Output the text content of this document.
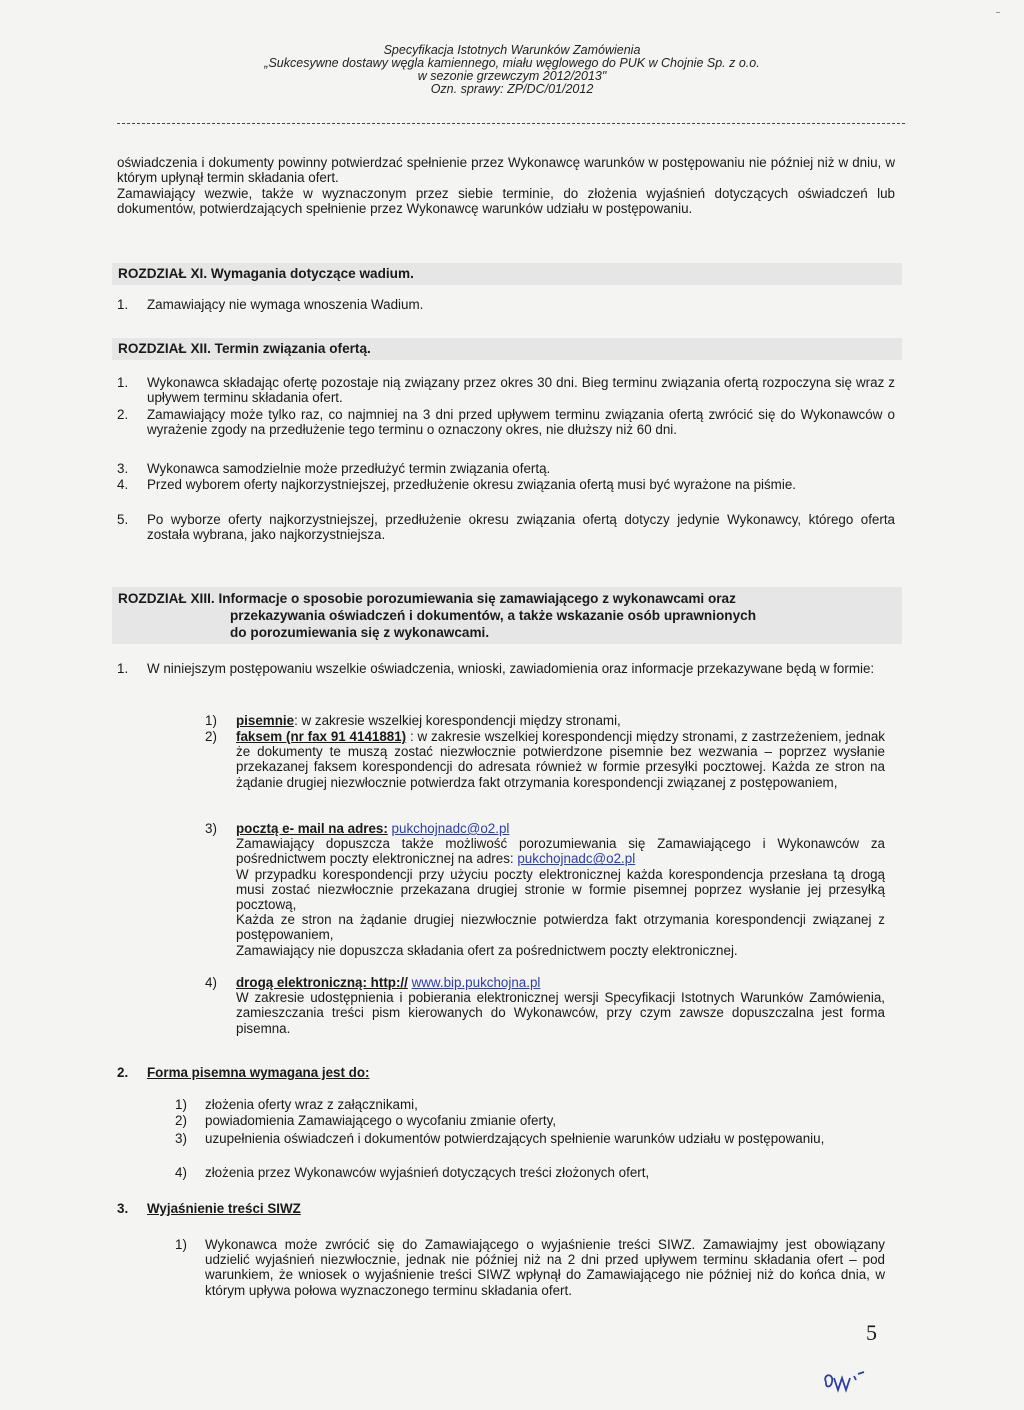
Specyfikacja Istotnych Warunków Zamówienia
„Sukcesywne dostawy węgla kamiennego, miału węglowego do PUK w Chojnie Sp. z o.o.
w sezonie grzewczym 2012/2013"
Ozn. sprawy: ZP/DC/01/2012
oświadczenia i dokumenty powinny potwierdzać spełnienie przez Wykonawcę warunków w postępowaniu nie później niż w dniu, w którym upłynął termin składania ofert.
Zamawiający wezwie, także w wyznaczonym przez siebie terminie, do złożenia wyjaśnień dotyczących oświadczeń lub dokumentów, potwierdzających spełnienie przez Wykonawcę warunków udziału w postępowaniu.
ROZDZIAŁ XI. Wymagania dotyczące wadium.
1. Zamawiający nie wymaga wnoszenia Wadium.
ROZDZIAŁ XII. Termin związania ofertą.
1. Wykonawca składając ofertę pozostaje nią związany przez okres 30 dni. Bieg terminu związania ofertą rozpoczyna się wraz z upływem terminu składania ofert.
2. Zamawiający może tylko raz, co najmniej na 3 dni przed upływem terminu związania ofertą zwrócić się do Wykonawców o wyrażenie zgody na przedłużenie tego terminu o oznaczony okres, nie dłuższy niż 60 dni.
3. Wykonawca samodzielnie może przedłużyć termin związania ofertą.
4. Przed wyborem oferty najkorzystniejszej, przedłużenie okresu związania ofertą musi być wyrażone na piśmie.
5. Po wyborze oferty najkorzystniejszej, przedłużenie okresu związania ofertą dotyczy jedynie Wykonawcy, którego oferta została wybrana, jako najkorzystniejsza.
ROZDZIAŁ XIII. Informacje o sposobie porozumiewania się zamawiającego z wykonawcami oraz
przekazywania oświadczeń i dokumentów, a także wskazanie osób uprawnionych
do porozumiewania się z wykonawcami.
1. W niniejszym postępowaniu wszelkie oświadczenia, wnioski, zawiadomienia oraz informacje przekazywane będą w formie:
1) pisemnie: w zakresie wszelkiej korespondencji między stronami,
2) faksem (nr fax 91 4141881) : w zakresie wszelkiej korespondencji między stronami, z zastrzeżeniem, jednak że dokumenty te muszą zostać niezwłocznie potwierdzone pisemnie bez wezwania – poprzez wysłanie przekazanej faksem korespondencji do adresata również w formie przesyłki pocztowej. Każda ze stron na żądanie drugiej niezwłocznie potwierdza fakt otrzymania korespondencji związanej z postępowaniem,
3) pocztą e- mail na adres: pukchojnadc@o2.pl
Zamawiający dopuszcza także możliwość porozumiewania się Zamawiającego i Wykonawców za pośrednictwem poczty elektronicznej na adres: pukchojnadc@o2.pl
W przypadku korespondencji przy użyciu poczty elektronicznej każda korespondencja przesłana tą drogą musi zostać niezwłocznie przekazana drugiej stronie w formie pisemnej poprzez wysłanie jej przesyłką pocztową,
Każda ze stron na żądanie drugiej niezwłocznie potwierdza fakt otrzymania korespondencji związanej z postępowaniem,
Zamawiający nie dopuszcza składania ofert za pośrednictwem poczty elektronicznej.
4) drogą elektroniczną: http:// www.bip.pukchojna.pl
W zakresie udostępnienia i pobierania elektronicznej wersji Specyfikacji Istotnych Warunków Zamówienia, zamieszczania treści pism kierowanych do Wykonawców, przy czym zawsze dopuszczalna jest forma pisemna.
2. Forma pisemna wymagana jest do:
1) złożenia oferty wraz z załącznikami,
2) powiadomienia Zamawiającego o wycofaniu zmianie oferty,
3) uzupełnienia oświadczeń i dokumentów potwierdzających spełnienie warunków udziału w postępowaniu,
4) złożenia przez Wykonawców wyjaśnień dotyczących treści złożonych ofert,
3. Wyjaśnienie treści SIWZ
1) Wykonawca może zwrócić się do Zamawiającego o wyjaśnienie treści SIWZ. Zamawiajmy jest obowiązany udzielić wyjaśnień niezwłocznie, jednak nie później niż na 2 dni przed upływem terminu składania ofert – pod warunkiem, że wniosek o wyjaśnienie treści SIWZ wpłynął do Zamawiającego nie później niż do końca dnia, w którym upływa połowa wyznaczonego terminu składania ofert.
5
